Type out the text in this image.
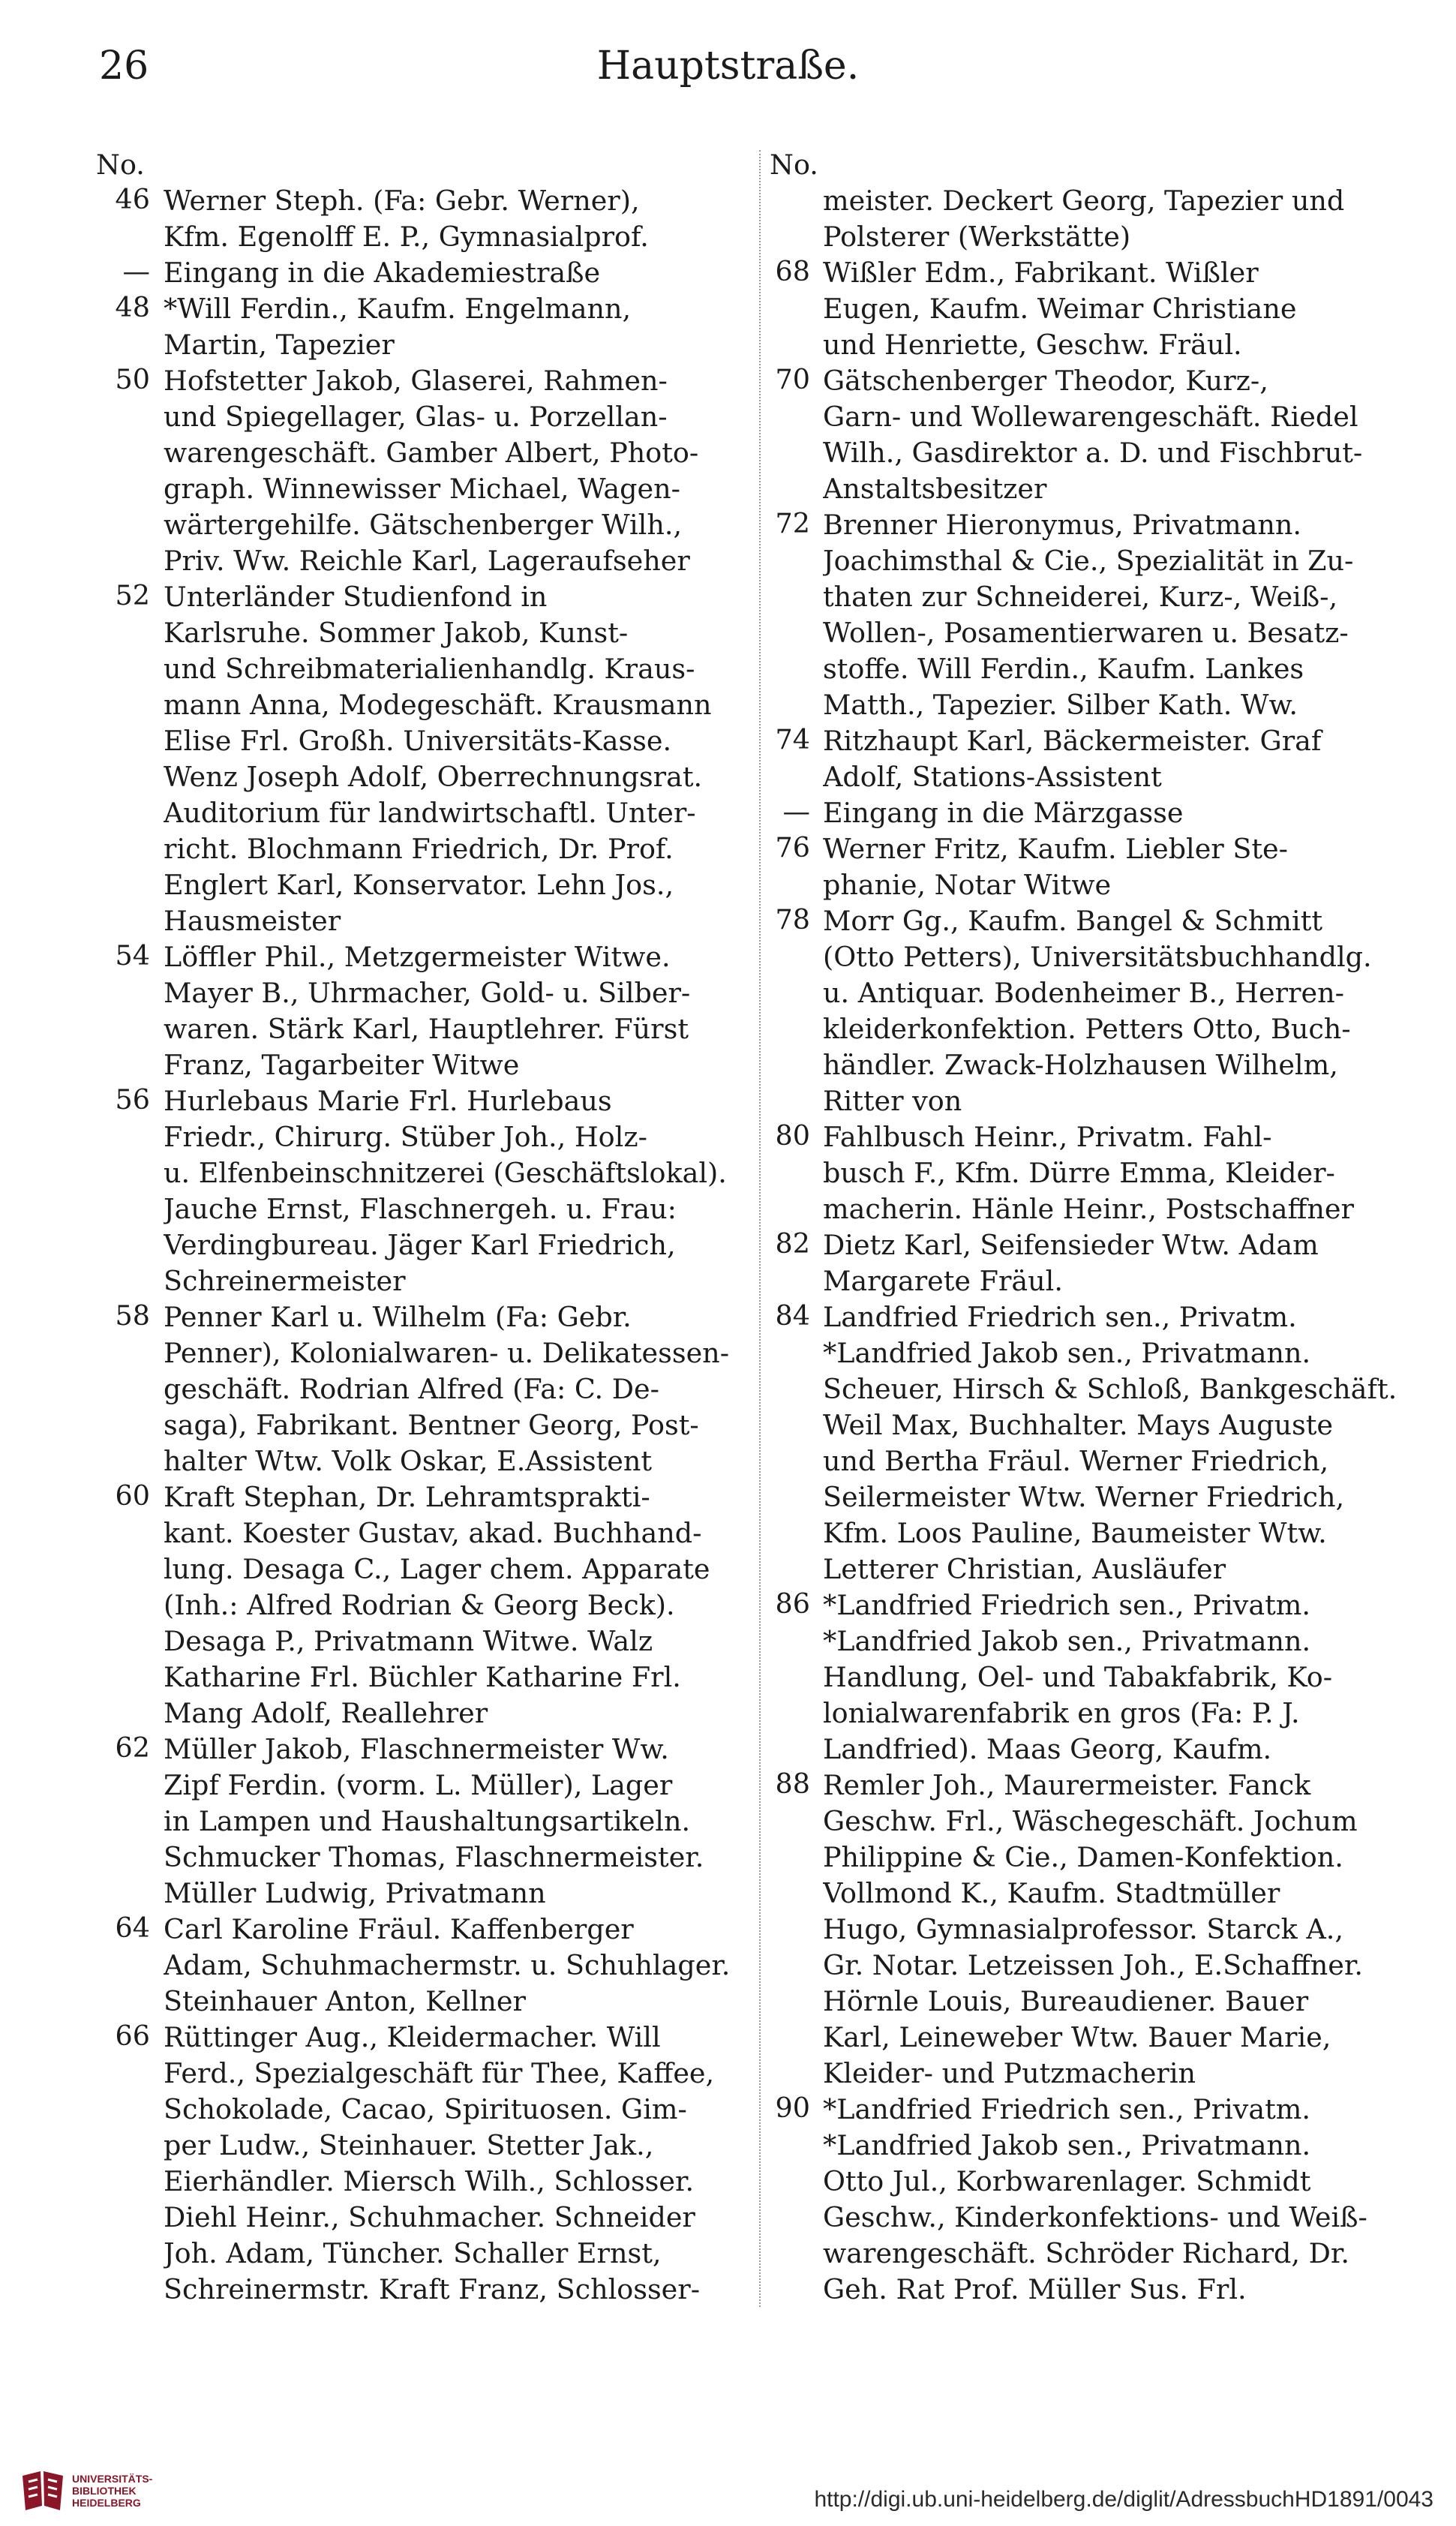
26	Hauptstraße.
No.
46 Werner Steph. (Fa: Gebr. Werner),
Kfm. Egenolff E. P., Gymnasialprof.
— Eingang in die Akademiestraße
48 *Will Ferdin., Kaufm. Engelmann,
Martin, Tapezier
50 Hofstetter Jakob, Glaserei, Rahmen-
und Spiegellager, Glas- u. Porzellan-
warengeschäft. Gamber Albert, Photo-
graph. Winnewisser Michael, Wagen-
wärtergehilfe. Gätschenberger Wilh.,
Priv. Ww. Reichle Karl, Lageraufseher
52 Unterländer Studienfond in
Karlsruhe. Sommer Jakob, Kunst-
und Schreibmaterialienhandlg. Kraus-
mann Anna, Modegeschäft. Krausmann
Elise Frl. Großh. Universitäts-Kasse.
Wenz Joseph Adolf, Oberrechnungsrat.
Auditorium für landwirtschaftl. Unter-
richt. Blochmann Friedrich, Dr. Prof.
Englert Karl, Konservator. Lehn Jos.,
Hausmeister
54 Löffler Phil., Metzgermeister Witwe.
Mayer B., Uhrmacher, Gold- u. Silber-
waren. Stärk Karl, Hauptlehrer. Fürst
Franz, Tagarbeiter Witwe
56 Hurlebaus Marie Frl. Hurlebaus
Friedr., Chirurg. Stüber Joh., Holz-
u. Elfenbeinschnitzerei (Geschäftslokal).
Jauche Ernst, Flaschnergeh. u. Frau:
Verdingbureau. Jäger Karl Friedrich,
Schreinermeister
58 Penner Karl u. Wilhelm (Fa: Gebr.
Penner), Kolonialwaren- u. Delikatessen-
geschäft. Rodrian Alfred (Fa: C. De-
saga), Fabrikant. Bentner Georg, Post-
halter Wtw. Volk Oskar, E.Assistent
60 Kraft Stephan, Dr. Lehramtsprakti-
kant. Koester Gustav, akad. Buchhand-
lung. Desaga C., Lager chem. Apparate
(Inh.: Alfred Rodrian & Georg Beck).
Desaga P., Privatmann Witwe. Walz
Katharine Frl. Büchler Katharine Frl.
Mang Adolf, Reallehrer
62 Müller Jakob, Flaschnermeister Ww.
Zipf Ferdin. (vorm. L. Müller), Lager
in Lampen und Haushaltungsartikeln.
Schmucker Thomas, Flaschnermeister.
Müller Ludwig, Privatmann
64 Carl Karoline Fräul. Kaffenberger
Adam, Schuhmachermstr. u. Schuhlager.
Steinhauer Anton, Kellner
66 Rüttinger Aug., Kleidermacher. Will
Ferd., Spezialgeschäft für Thee, Kaffee,
Schokolade, Cacao, Spirituosen. Gim-
per Ludw., Steinhauer. Stetter Jak.,
Eierhändler. Miersch Wilh., Schlosser.
Diehl Heinr., Schuhmacher. Schneider
Joh. Adam, Tüncher. Schaller Ernst,
Schreinermstr. Kraft Franz, Schlosser-
No.
meister. Deckert Georg, Tapezier und
Polsterer (Werkstätte)
68 Wißler Edm., Fabrikant. Wißler
Eugen, Kaufm. Weimar Christiane
und Henriette, Geschw. Fräul.
70 Gätschenberger Theodor, Kurz-,
Garn- und Wollewarengeschäft. Riedel
Wilh., Gasdirektor a. D. und Fischbrut-
Anstaltsbesitzer
72 Brenner Hieronymus, Privatmann.
Joachimsthal & Cie., Spezialität in Zu-
thaten zur Schneiderei, Kurz-, Weiß-,
Wollen-, Posamentierwaren u. Besatz-
stoffe. Will Ferdin., Kaufm. Lankes
Matth., Tapezier. Silber Kath. Ww.
74 Ritzhaupt Karl, Bäckermeister. Graf
Adolf, Stations-Assistent
— Eingang in die Märzgasse
76 Werner Fritz, Kaufm. Liebler Ste-
phanie, Notar Witwe
78 Morr Gg., Kaufm. Bangel & Schmitt
(Otto Petters), Universitätsbuchhandlg.
u. Antiquar. Bodenheimer B., Herren-
kleiderkonfektion. Petters Otto, Buch-
händler. Zwack-Holzhausen Wilhelm,
Ritter von
80 Fahlbusch Heinr., Privatm. Fahl-
busch F., Kfm. Dürre Emma, Kleider-
macherin. Hänle Heinr., Postschaffner
82 Dietz Karl, Seifensieder Wtw. Adam
Margarete Fräul.
84 Landfried Friedrich sen., Privatm.
*Landfried Jakob sen., Privatmann.
Scheuer, Hirsch & Schloß, Bankgeschäft.
Weil Max, Buchhalter. Mays Auguste
und Bertha Fräul. Werner Friedrich,
Seilermeister Wtw. Werner Friedrich,
Kfm. Loos Pauline, Baumeister Wtw.
Letterer Christian, Ausläufer
86 *Landfried Friedrich sen., Privatm.
*Landfried Jakob sen., Privatmann.
Handlung, Oel- und Tabakfabrik, Ko-
lonialwarenfabrik en gros (Fa: P. J.
Landfried). Maas Georg, Kaufm.
88 Remler Joh., Maurermeister. Fanck
Geschw. Frl., Wäschegeschäft. Jochum
Philippine & Cie., Damen-Konfektion.
Vollmond K., Kaufm. Stadtmüller
Hugo, Gymnasialprofessor. Starck A.,
Gr. Notar. Letzeissen Joh., E.Schaffner.
Hörnle Louis, Bureaudiener. Bauer
Karl, Leineweber Wtw. Bauer Marie,
Kleider- und Putzmacherin
90 *Landfried Friedrich sen., Privatm.
*Landfried Jakob sen., Privatmann.
Otto Jul., Korbwarenlager. Schmidt
Geschw., Kinderkonfektions- und Weiß-
warengeschäft. Schröder Richard, Dr.
Geh. Rat Prof. Müller Sus. Frl.
UNIVERSITÄTS-
BIBLIOTHEK
HEIDELBERG	http://digi.ub.uni-heidelberg.de/diglit/AdressbuchHD1891/0043
